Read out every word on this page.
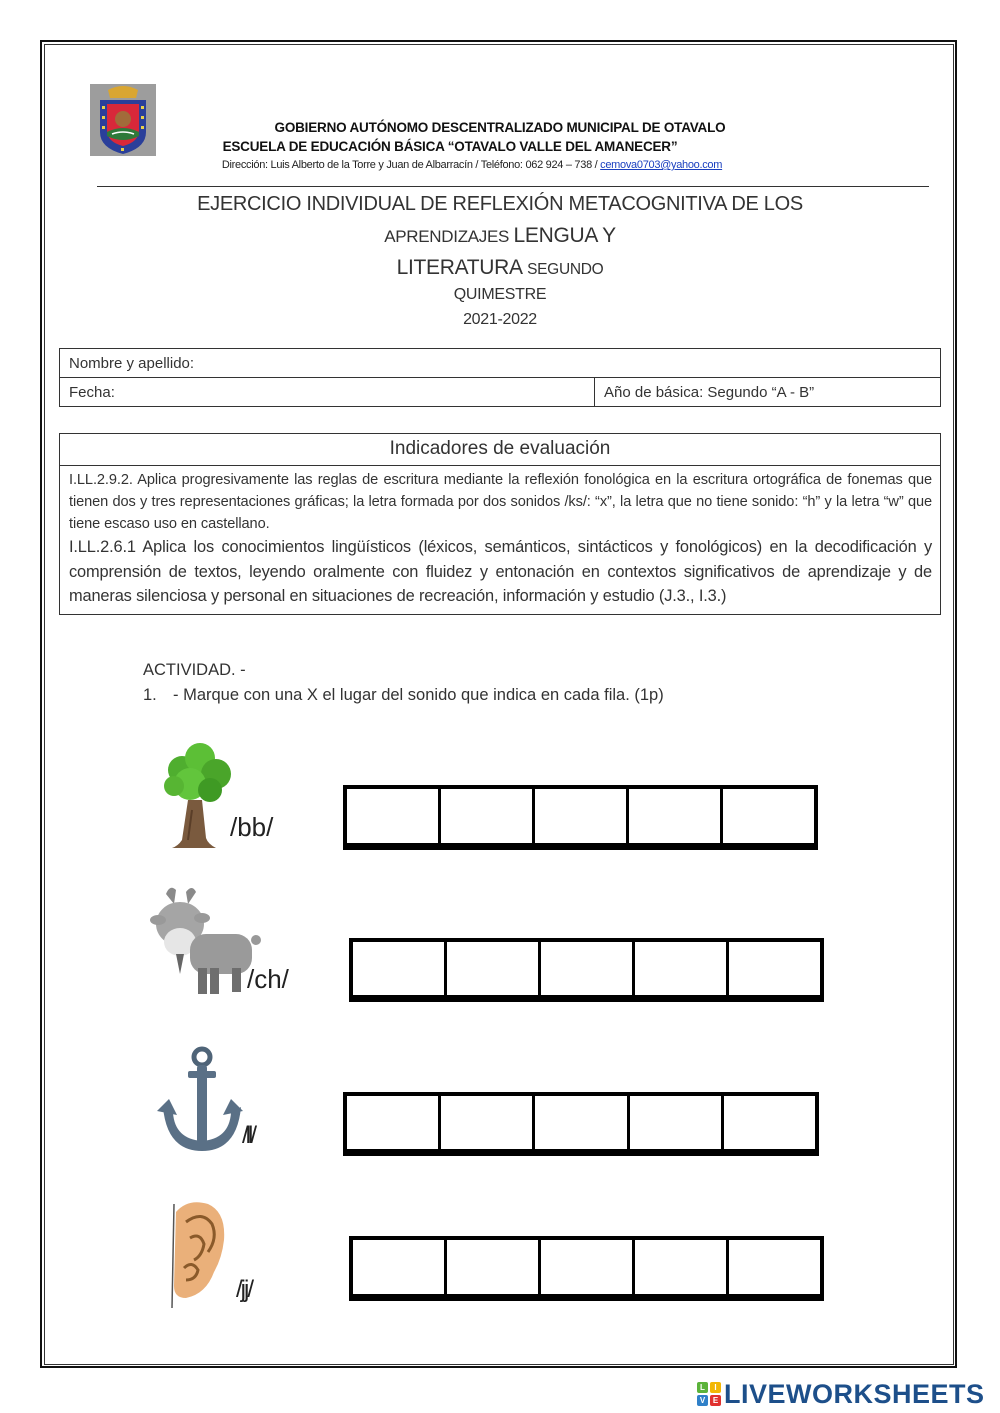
GOBIERNO AUTÓNOMO DESCENTRALIZADO MUNICIPAL DE OTAVALO
ESCUELA DE EDUCACIÓN BÁSICA “OTAVALO VALLE DEL AMANECER”
Dirección: Luis Alberto de la Torre y Juan de Albarracín / Teléfono: 062 924 – 738 / cemova0703@yahoo.com
EJERCICIO INDIVIDUAL DE REFLEXIÓN METACOGNITIVA DE LOS
APRENDIZAJES LENGUA Y
LITERATURA SEGUNDO
QUIMESTRE
2021-2022
Nombre y apellido:
Fecha:	Año de básica: Segundo “A - B”
Indicadores de evaluación
I.LL.2.9.2. Aplica progresivamente las reglas de escritura mediante la reflexión fonológica en la escritura ortográfica de fonemas que tienen dos y tres representaciones gráficas; la letra formada por dos sonidos /ks/: “x”, la letra que no tiene sonido: “h” y la letra “w” que tiene escaso uso en castellano.
I.LL.2.6.1 Aplica los conocimientos lingüísticos (léxicos, semánticos, sintácticos y fonológicos) en la decodificación y comprensión de textos, leyendo oralmente con fluidez y entonación en contextos significativos de aprendizaje y de maneras silenciosa y personal en situaciones de recreación, información y estudio (J.3., I.3.)
ACTIVIDAD. -
1. - Marque con una X el lugar del sonido que indica en cada fila. (1p)
/bb/
/ch/
/ll/
/jj/
L	I
V E LIVEWORKSHEETS
